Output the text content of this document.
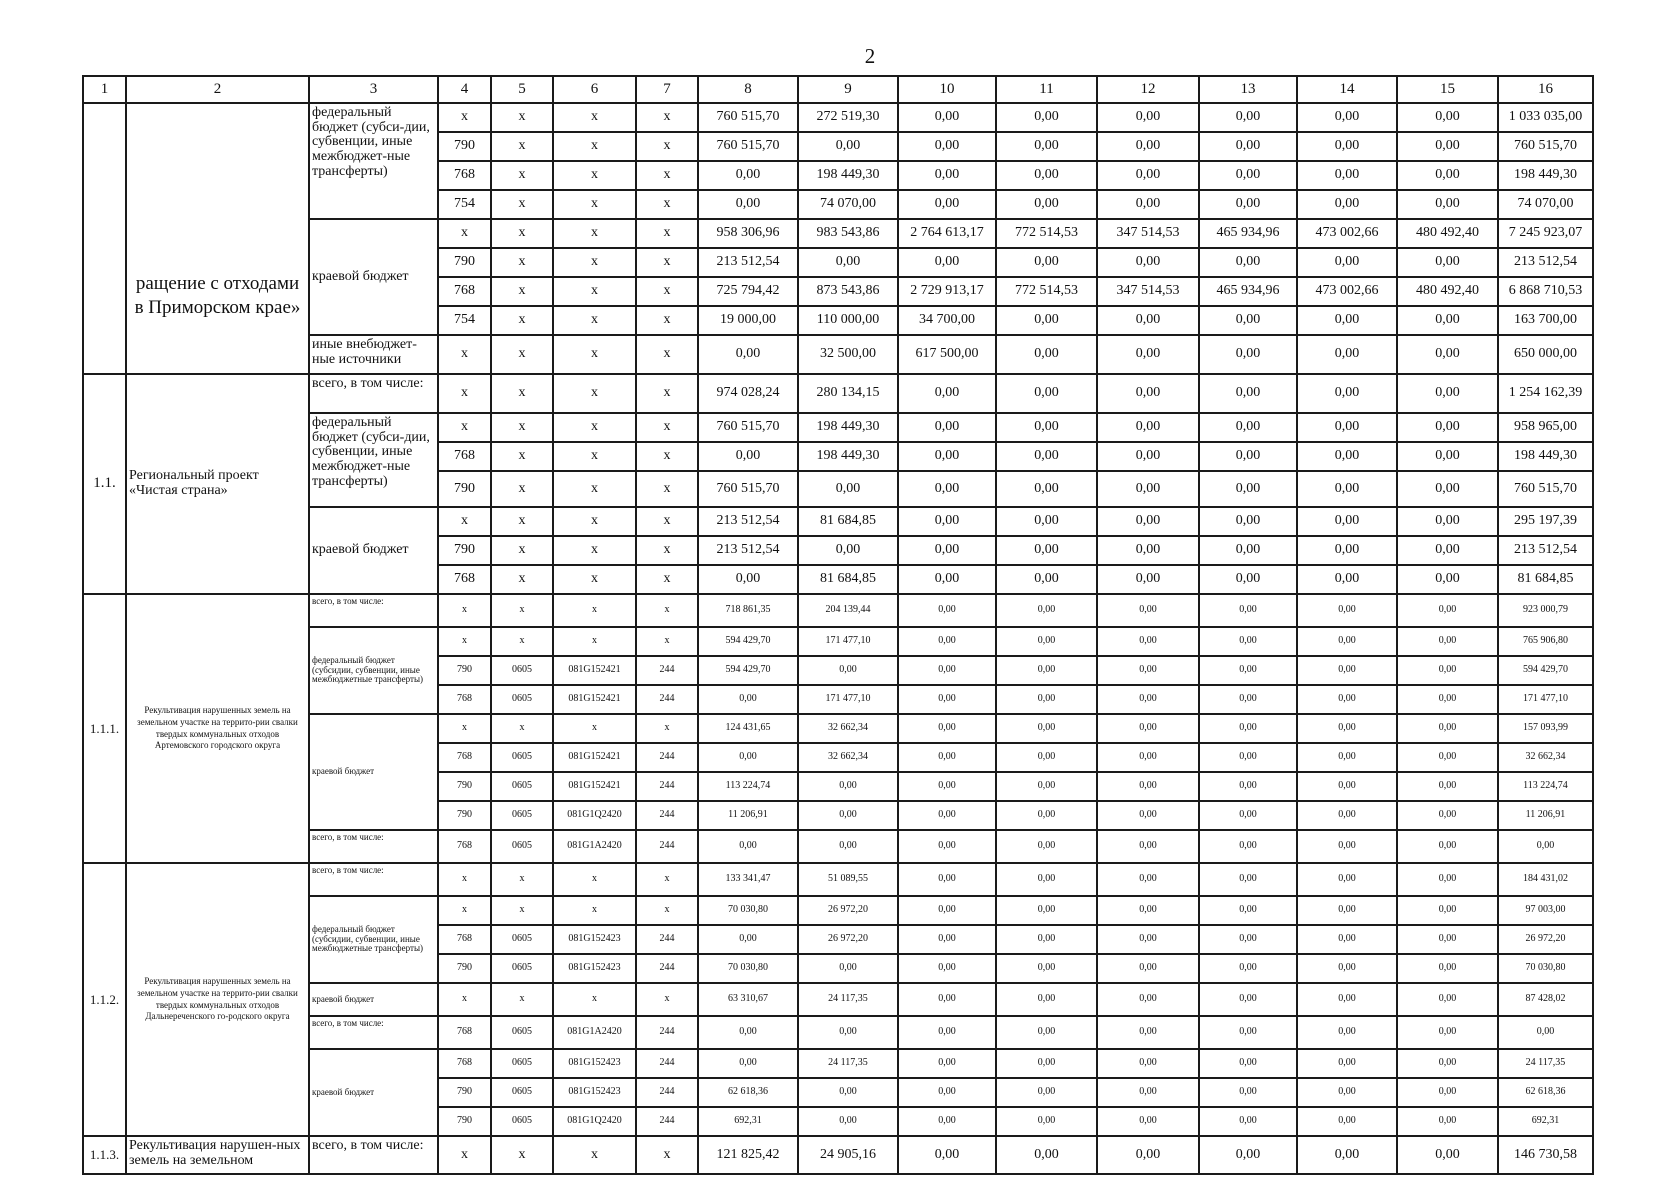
2
1	2	3	4	5	6	7	8	9	10	11	12	13	14	15	16
	ращение с отходами в Приморском крае»	федеральный бюджет (субси-дии, субвенции, иные межбюджет-ные трансферты)	х	х	х	х	760 515,70	272 519,30	0,00	0,00	0,00	0,00	0,00	0,00	1 033 035,00
			790	х	х	х	760 515,70	0,00	0,00	0,00	0,00	0,00	0,00	0,00	760 515,70
			768	х	х	х	0,00	198 449,30	0,00	0,00	0,00	0,00	0,00	0,00	198 449,30
			754	х	х	х	0,00	74 070,00	0,00	0,00	0,00	0,00	0,00	0,00	74 070,00
		краевой бюджет	х	х	х	х	958 306,96	983 543,86	2 764 613,17	772 514,53	347 514,53	465 934,96	473 002,66	480 492,40	7 245 923,07
			790	х	х	х	213 512,54	0,00	0,00	0,00	0,00	0,00	0,00	0,00	213 512,54
			768	х	х	х	725 794,42	873 543,86	2 729 913,17	772 514,53	347 514,53	465 934,96	473 002,66	480 492,40	6 868 710,53
			754	х	х	х	19 000,00	110 000,00	34 700,00	0,00	0,00	0,00	0,00	0,00	163 700,00
		иные внебюджет-ные источники	х	х	х	х	0,00	32 500,00	617 500,00	0,00	0,00	0,00	0,00	0,00	650 000,00
1.1.	Региональный проект «Чистая страна»	всего, в том числе:	х	х	х	х	974 028,24	280 134,15	0,00	0,00	0,00	0,00	0,00	0,00	1 254 162,39
		федеральный бюджет (субси-дии, субвенции, иные межбюджет-ные трансферты)	х	х	х	х	760 515,70	198 449,30	0,00	0,00	0,00	0,00	0,00	0,00	958 965,00
			768	х	х	х	0,00	198 449,30	0,00	0,00	0,00	0,00	0,00	0,00	198 449,30
			790	х	х	х	760 515,70	0,00	0,00	0,00	0,00	0,00	0,00	0,00	760 515,70
		краевой бюджет	х	х	х	х	213 512,54	81 684,85	0,00	0,00	0,00	0,00	0,00	0,00	295 197,39
			790	х	х	х	213 512,54	0,00	0,00	0,00	0,00	0,00	0,00	0,00	213 512,54
			768	х	х	х	0,00	81 684,85	0,00	0,00	0,00	0,00	0,00	0,00	81 684,85
1.1.1.	Рекультивация нарушенных земель на земельном участке на террито-рии свалки твердых коммунальных отходов Артемовского городского округа	всего, в том числе:	х	х	х	х	718 861,35	204 139,44	0,00	0,00	0,00	0,00	0,00	0,00	923 000,79
		федеральный бюджет (субсидии, субвенции, иные межбюджетные трансферты)	х	х	х	х	594 429,70	171 477,10	0,00	0,00	0,00	0,00	0,00	0,00	765 906,80
			790	0605	081G152421	244	594 429,70	0,00	0,00	0,00	0,00	0,00	0,00	0,00	594 429,70
			768	0605	081G152421	244	0,00	171 477,10	0,00	0,00	0,00	0,00	0,00	0,00	171 477,10
		краевой бюджет	х	х	х	х	124 431,65	32 662,34	0,00	0,00	0,00	0,00	0,00	0,00	157 093,99
			768	0605	081G152421	244	0,00	32 662,34	0,00	0,00	0,00	0,00	0,00	0,00	32 662,34
			790	0605	081G152421	244	113 224,74	0,00	0,00	0,00	0,00	0,00	0,00	0,00	113 224,74
			790	0605	081G1Q2420	244	11 206,91	0,00	0,00	0,00	0,00	0,00	0,00	0,00	11 206,91
		всего, в том числе:	768	0605	081G1A2420	244	0,00	0,00	0,00	0,00	0,00	0,00	0,00	0,00	0,00
1.1.2.	Рекультивация нарушенных земель на земельном участке на террито-рии свалки твердых коммунальных отходов Дальнереченского го-родского округа	всего, в том числе:	х	х	х	х	133 341,47	51 089,55	0,00	0,00	0,00	0,00	0,00	0,00	184 431,02
		федеральный бюджет (субсидии, субвенции, иные межбюджетные трансферты)	х	х	х	х	70 030,80	26 972,20	0,00	0,00	0,00	0,00	0,00	0,00	97 003,00
			768	0605	081G152423	244	0,00	26 972,20	0,00	0,00	0,00	0,00	0,00	0,00	26 972,20
			790	0605	081G152423	244	70 030,80	0,00	0,00	0,00	0,00	0,00	0,00	0,00	70 030,80
		краевой бюджет	х	х	х	х	63 310,67	24 117,35	0,00	0,00	0,00	0,00	0,00	0,00	87 428,02
		всего, в том числе:	768	0605	081G1A2420	244	0,00	0,00	0,00	0,00	0,00	0,00	0,00	0,00	0,00
		краевой бюджет	768	0605	081G152423	244	0,00	24 117,35	0,00	0,00	0,00	0,00	0,00	0,00	24 117,35
			790	0605	081G152423	244	62 618,36	0,00	0,00	0,00	0,00	0,00	0,00	0,00	62 618,36
			790	0605	081G1Q2420	244	692,31	0,00	0,00	0,00	0,00	0,00	0,00	0,00	692,31
1.1.3.	Рекультивация нарушен-ных земель на земельном	всего, в том числе:	х	х	х	х	121 825,42	24 905,16	0,00	0,00	0,00	0,00	0,00	0,00	146 730,58
